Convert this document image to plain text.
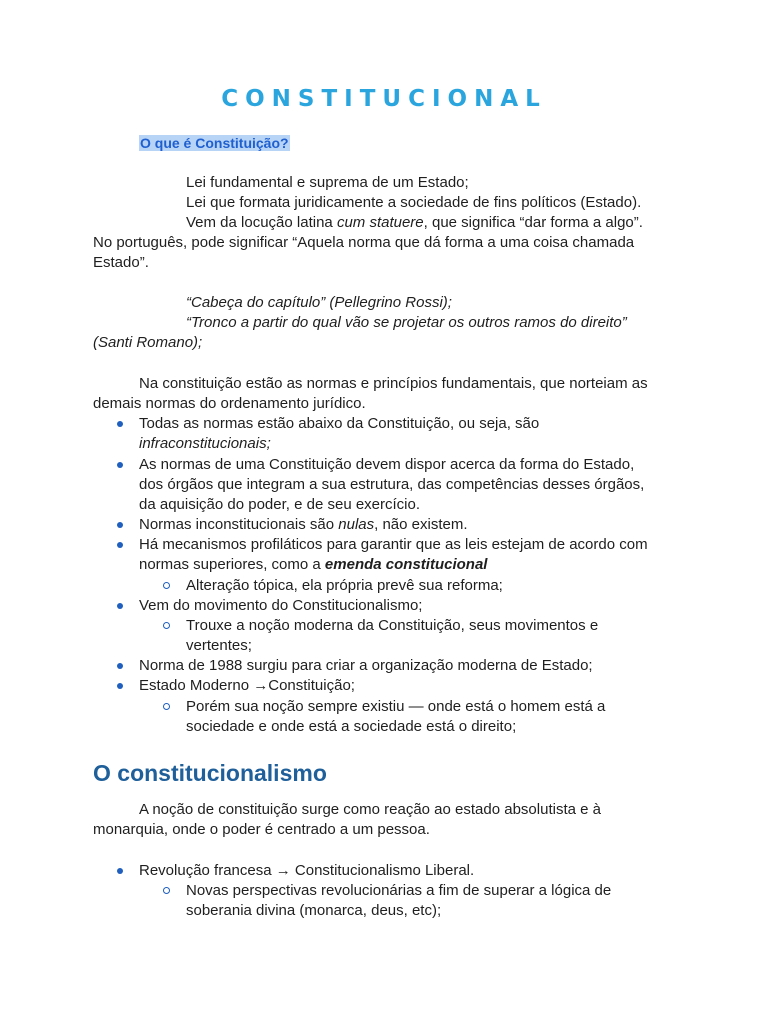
CONSTITUCIONAL
O que é Constituição?
Lei fundamental e suprema de um Estado;
Lei que formata juridicamente a sociedade de fins políticos (Estado).
Vem da locução latina cum statuere, que significa “dar forma a algo”.
No português, pode significar “Aquela norma que dá forma a uma coisa chamada
Estado”.
“Cabeça do capítulo” (Pellegrino Rossi);
“Tronco a partir do qual vão se projetar os outros ramos do direito”
(Santi Romano);
Na constituição estão as normas e princípios fundamentais, que norteiam as
demais normas do ordenamento jurídico.
Todas as normas estão abaixo da Constituição, ou seja, são
infraconstitucionais;
As normas de uma Constituição devem dispor acerca da forma do Estado,
dos órgãos que integram a sua estrutura, das competências desses órgãos,
da aquisição do poder, e de seu exercício.
Normas inconstitucionais são nulas, não existem.
Há mecanismos profiláticos para garantir que as leis estejam de acordo com
normas superiores, como a emenda constitucional
Alteração tópica, ela própria prevê sua reforma;
Vem do movimento do Constitucionalismo;
Trouxe a noção moderna da Constituição, seus movimentos e
vertentes;
Norma de 1988 surgiu para criar a organização moderna de Estado;
Estado Moderno →Constituição;
Porém sua noção sempre existiu — onde está o homem está a
sociedade e onde está a sociedade está o direito;
O constitucionalismo
A noção de constituição surge como reação ao estado absolutista e à
monarquia, onde o poder é centrado a um pessoa.
Revolução francesa → Constitucionalismo Liberal.
Novas perspectivas revolucionárias a fim de superar a lógica de
soberania divina (monarca, deus, etc);
